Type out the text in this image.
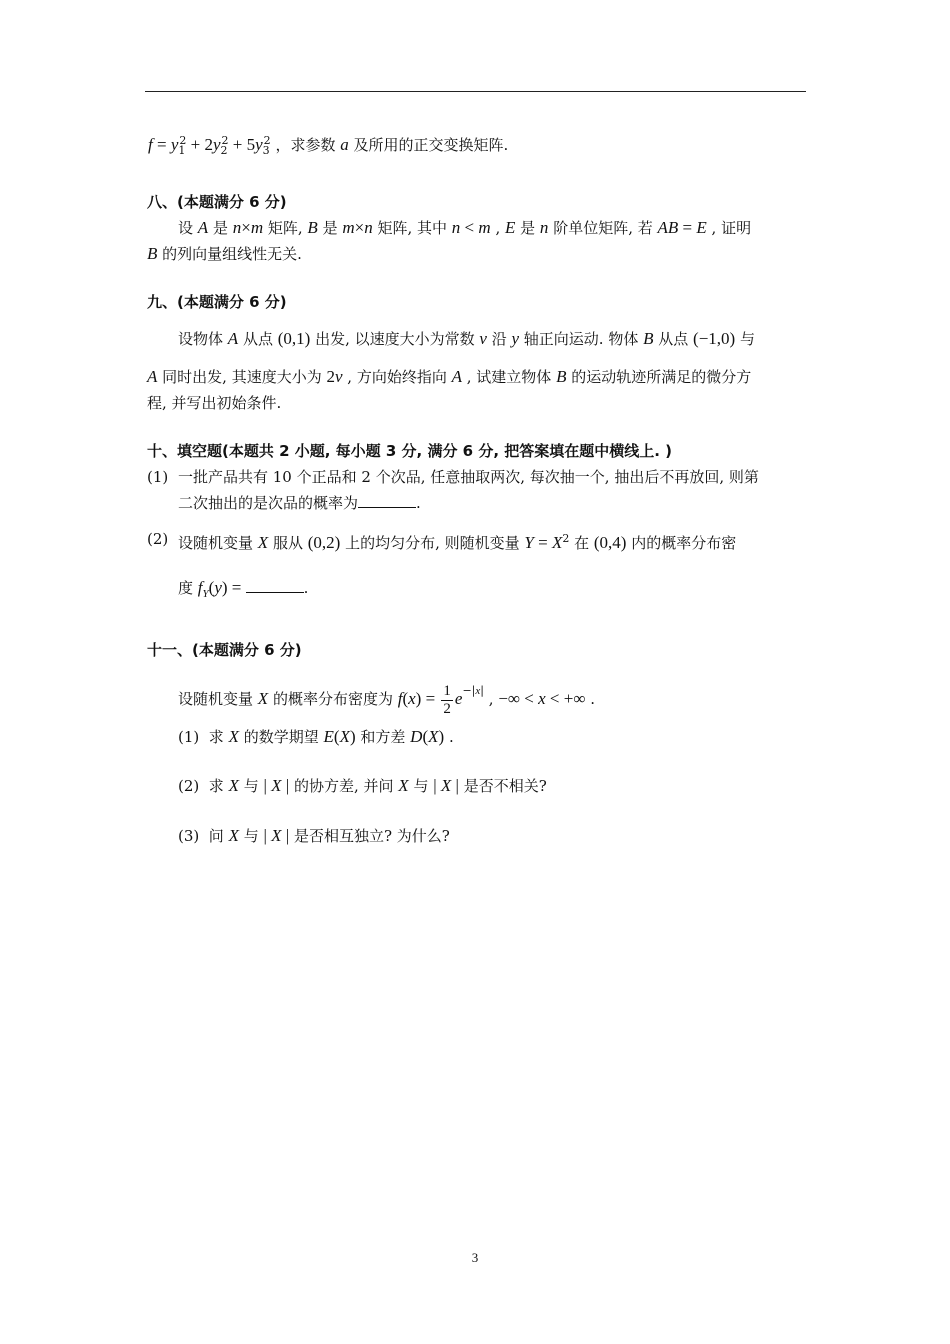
$f = y_1^2 + 2y_2^2 + 5y_3^2$ ，求参数 a 及所用的正交变换矩阵.
八、(本题满分 6 分)
设 A 是 n×m 矩阵, B 是 m×n 矩阵, 其中 n < m , E 是 n 阶单位矩阵, 若 AB = E , 证明
B 的列向量组线性无关.
九、(本题满分 6 分)
设物体 A 从点 (0,1) 出发, 以速度大小为常数 v 沿 y 轴正向运动. 物体 B 从点 (−1,0) 与
A 同时出发, 其速度大小为 2v , 方向始终指向 A , 试建立物体 B 的运动轨迹所满足的微分方
程, 并写出初始条件.
十、填空题(本题共 2 小题, 每小题 3 分, 满分 6 分, 把答案填在题中横线上. )
(1) 一批产品共有 10 个正品和 2 个次品, 任意抽取两次, 每次抽一个, 抽出后不再放回, 则第
二次抽出的是次品的概率为	.
(2) 设随机变量 X 服从 (0,2) 上的均匀分布, 则随机变量 $Y = X^2$ 在 (0,4) 内的概率分布密
度 $f_Y(y)$ =	.
十一、(本题满分 6 分)
设随机变量 X 的概率分布密度为 $f(x) = \frac{1}{2} e^{-|x|}$ , −∞ < x < +∞ .
(1)  求 X 的数学期望 E(X) 和方差 D(X) .
(2)  求 X 与 | X | 的协方差, 并问 X 与 | X | 是否不相关?
(3)  问 X 与 | X | 是否相互独立? 为什么?
3
